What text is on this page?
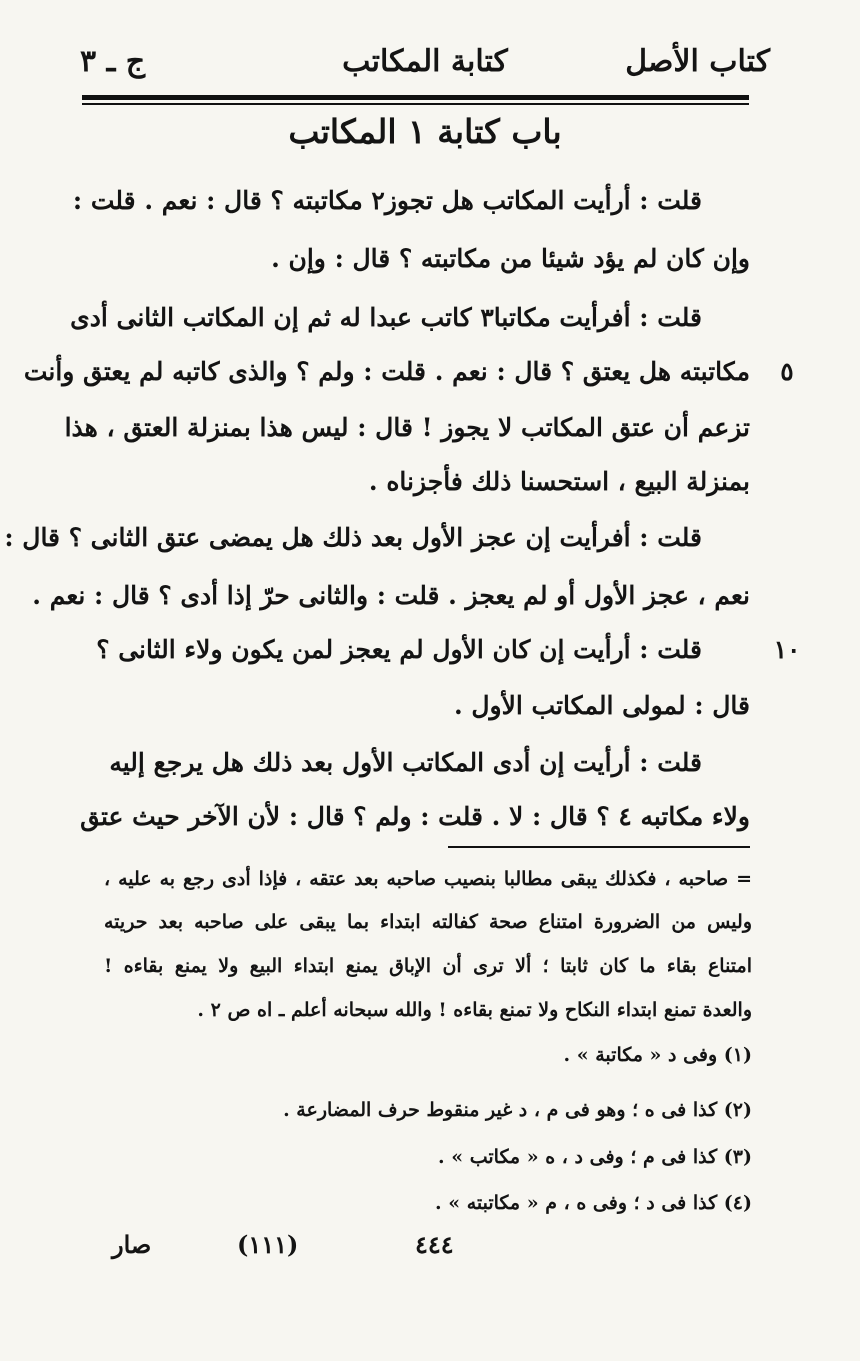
كتاب الأصل
كتابة المكاتب
ج ـ ٣
باب كتابة ١ المكاتب
قلت : أرأيت المكاتب هل تجوز٢ مكاتبته ؟ قال : نعم . قلت :
وإن كان لم يؤد شيئا من مكاتبته ؟ قال : وإن .
قلت : أفرأيت مكاتبا٣ كاتب عبدا له ثم إن المكاتب الثانى أدى
٥
مكاتبته هل يعتق ؟ قال : نعم . قلت : ولم ؟ والذى كاتبه لم يعتق وأنت
تزعم أن عتق المكاتب لا يجوز ! قال : ليس هذا بمنزلة العتق ، هذا
بمنزلة البيع ، استحسنا ذلك فأجزناه .
قلت : أفرأيت إن عجز الأول بعد ذلك هل يمضى عتق الثانى ؟ قال :
نعم ، عجز الأول أو لم يعجز . قلت : والثانى حرّ إذا أدى ؟ قال : نعم .
١٠
قلت : أرأيت إن كان الأول لم يعجز لمن يكون ولاء الثانى ؟
قال : لمولى المكاتب الأول .
قلت : أرأيت إن أدى المكاتب الأول بعد ذلك هل يرجع إليه
ولاء مكاتبه ٤ ؟ قال : لا . قلت : ولم ؟ قال : لأن الآخر حيث عتق
= صاحبه ، فكذلك يبقى مطالبا بنصيب صاحبه بعد عتقه ، فإذا أدى رجع به عليه ،
وليس من الضرورة امتناع صحة كفالته ابتداء بما يبقى على صاحبه بعد حريته
امتناع بقاء ما كان ثابتا ؛ ألا ترى أن الإباق يمنع ابتداء البيع ولا يمنع بقاءه !
والعدة تمنع ابتداء النكاح ولا تمنع بقاءه ! والله سبحانه أعلم ـ اه ص ٢ .
(١) وفى د « مكاتبة » .
(٢) كذا فى ه ؛ وهو فى م ، د غير منقوط حرف المضارعة .
(٣) كذا فى م ؛ وفى د ، ه « مكاتب » .
(٤) كذا فى د ؛ وفى ه ، م « مكاتبته » .
٤٤٤
(١١١)
صار
